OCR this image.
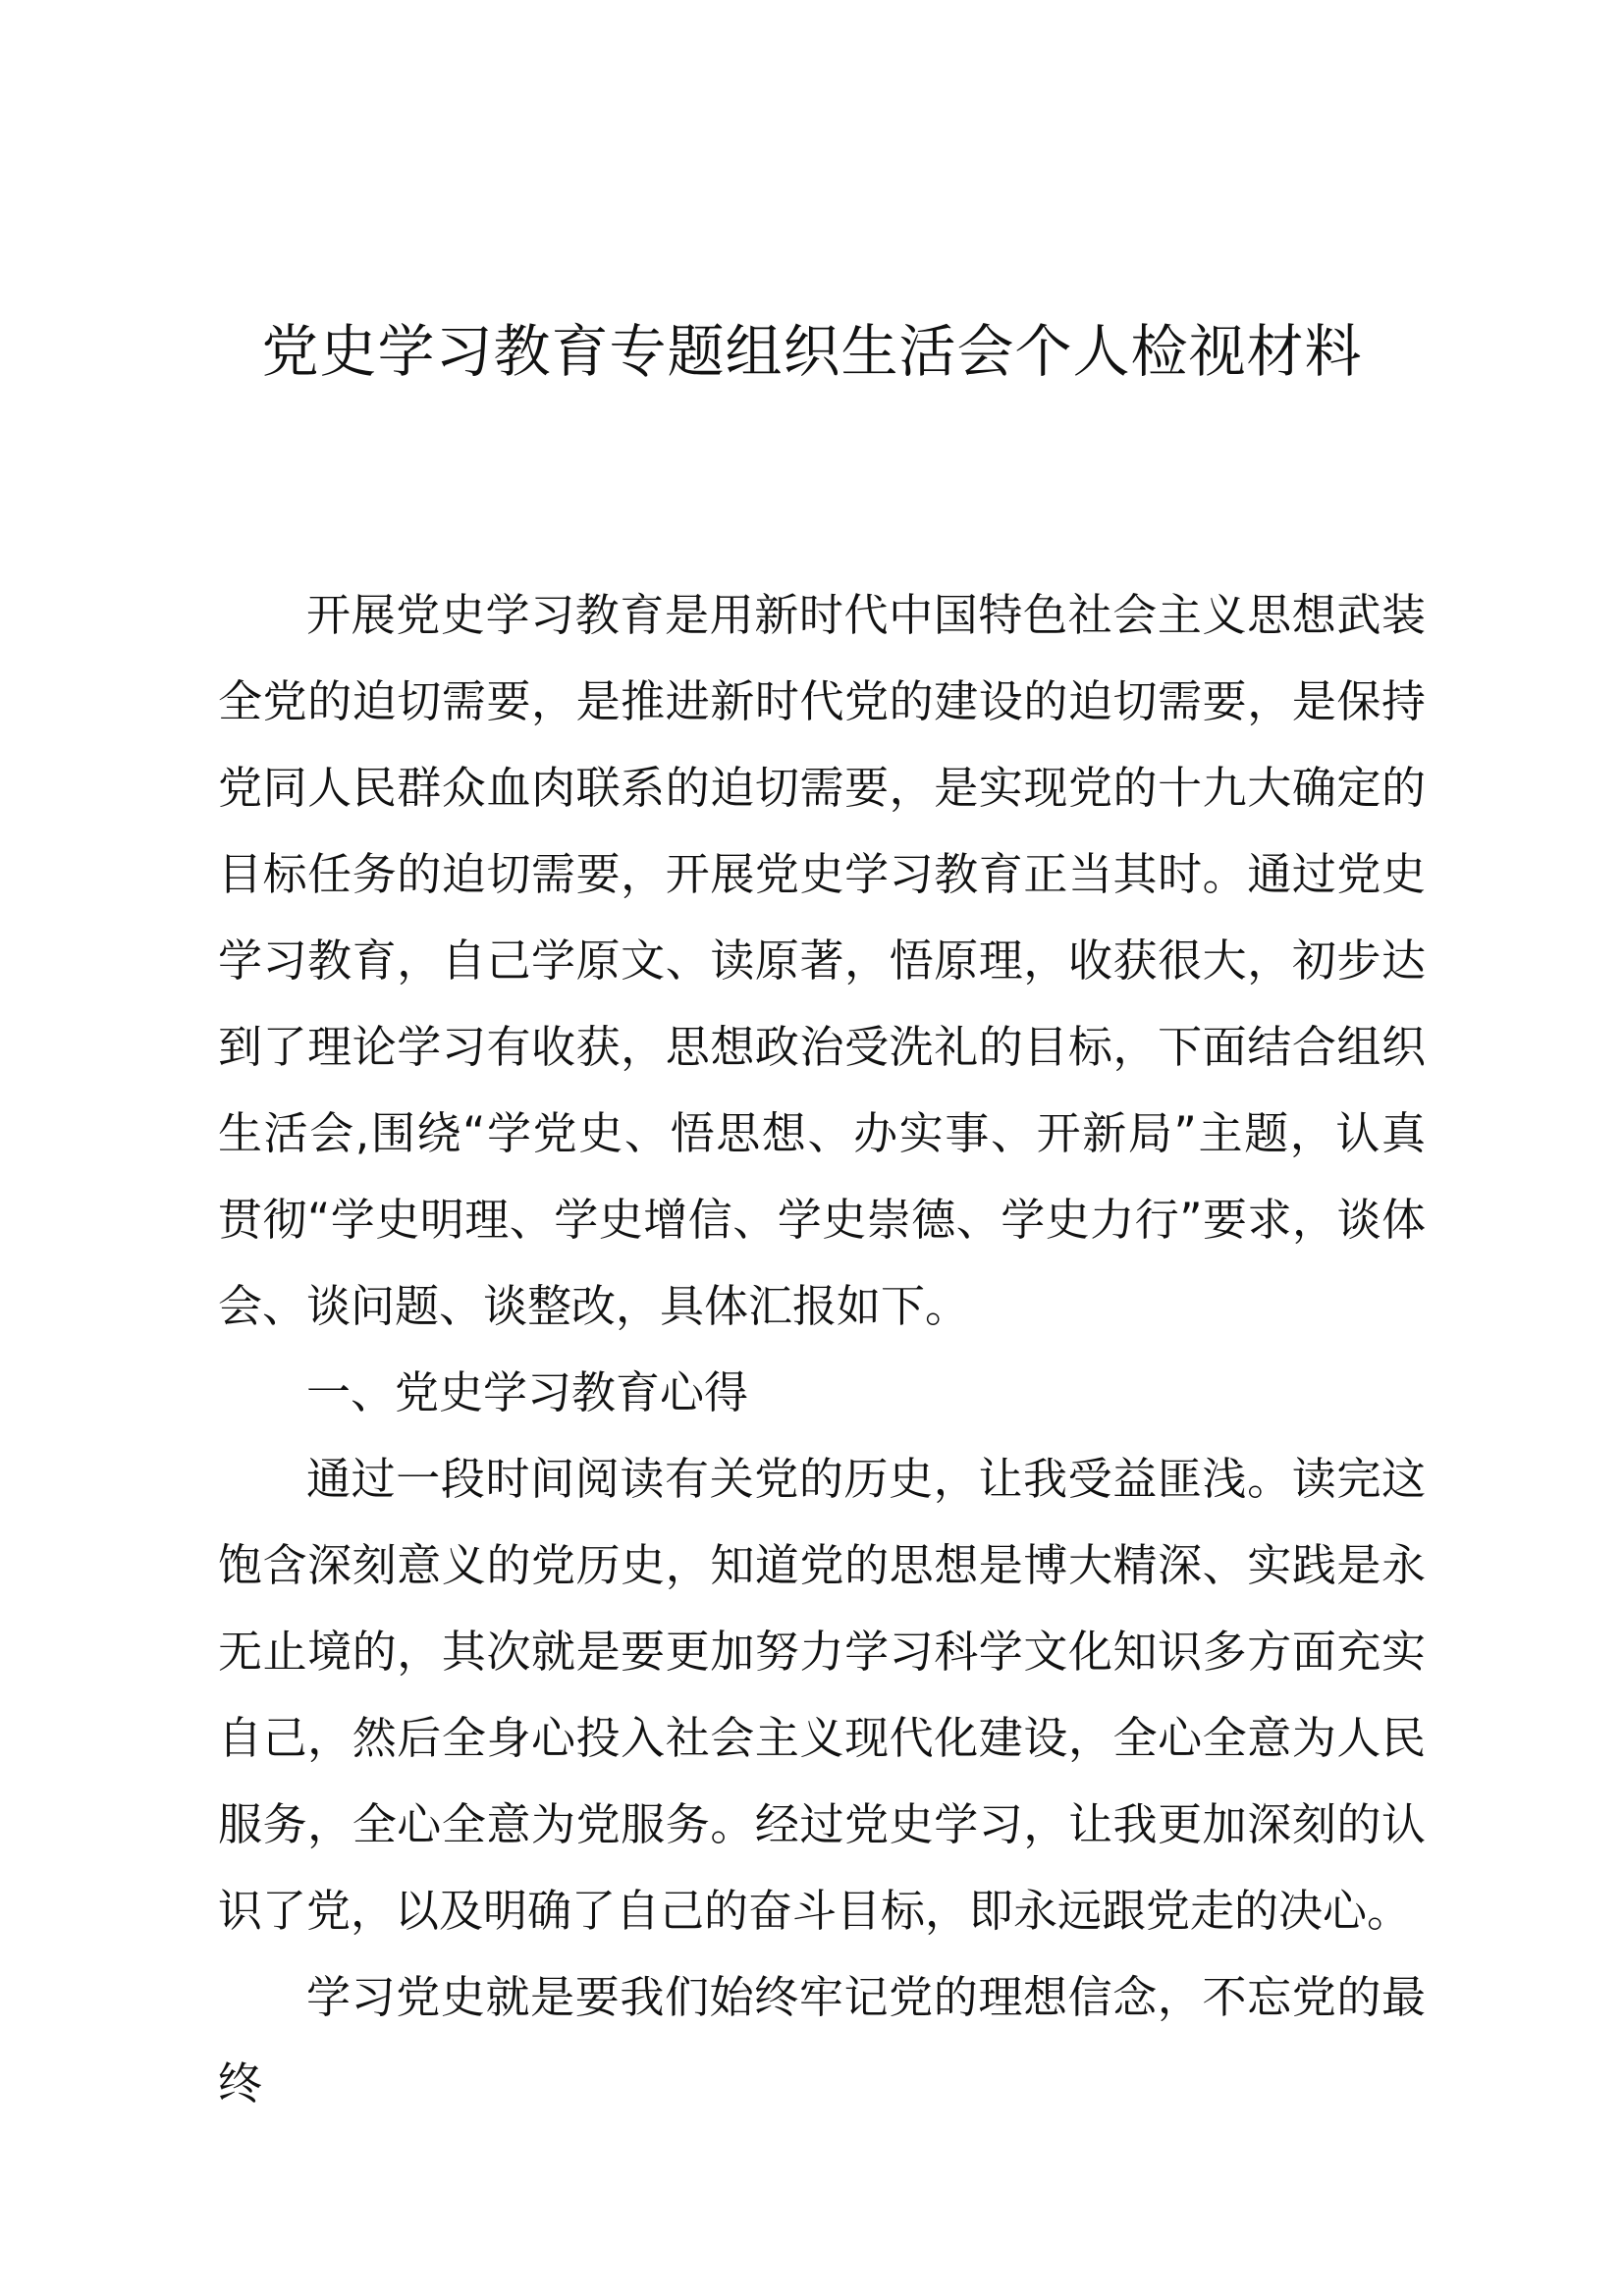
党史学习教育专题组织生活会个人检视材料

开展党史学习教育是用新时代中国特色社会主义思想武装全党的迫切需要，是推进新时代党的建设的迫切需要，是保持党同人民群众血肉联系的迫切需要，是实现党的十九大确定的目标任务的迫切需要，开展党史学习教育正当其时。通过党史学习教育，自己学原文、读原著，悟原理，收获很大，初步达到了理论学习有收获，思想政治受洗礼的目标，下面结合组织生活会,围绕“学党史、悟思想、办实事、开新局”主题，认真贯彻“学史明理、学史增信、学史崇德、学史力行”要求，谈体会、谈问题、谈整改，具体汇报如下。

一、党史学习教育心得

通过一段时间阅读有关党的历史，让我受益匪浅。读完这饱含深刻意义的党历史，知道党的思想是博大精深、实践是永无止境的，其次就是要更加努力学习科学文化知识多方面充实自己，然后全身心投入社会主义现代化建设，全心全意为人民服务，全心全意为党服务。经过党史学习，让我更加深刻的认识了党，以及明确了自己的奋斗目标，即永远跟党走的决心。

学习党史就是要我们始终牢记党的理想信念，不忘党的最终
